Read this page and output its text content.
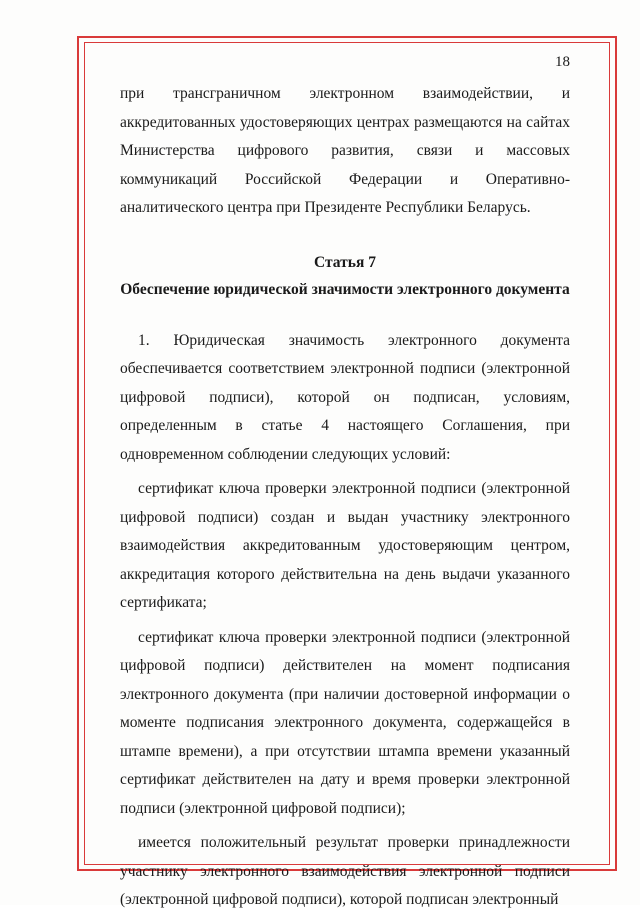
18

при трансграничном электронном взаимодействии, и аккредитованных удостоверяющих центрах размещаются на сайтах Министерства цифрового развития, связи и массовых коммуникаций Российской Федерации и Оперативно-аналитического центра при Президенте Республики Беларусь.

Статья 7

Обеспечение юридической значимости электронного документа

1. Юридическая значимость электронного документа обеспечивается соответствием электронной подписи (электронной цифровой подписи), которой он подписан, условиям, определенным в статье 4 настоящего Соглашения, при одновременном соблюдении следующих условий:

сертификат ключа проверки электронной подписи (электронной цифровой подписи) создан и выдан участнику электронного взаимодействия аккредитованным удостоверяющим центром, аккредитация которого действительна на день выдачи указанного сертификата;

сертификат ключа проверки электронной подписи (электронной цифровой подписи) действителен на момент подписания электронного документа (при наличии достоверной информации о моменте подписания электронного документа, содержащейся в штампе времени), а при отсутствии штампа времени указанный сертификат действителен на дату и время проверки электронной подписи (электронной цифровой подписи);

имеется положительный результат проверки принадлежности участнику электронного взаимодействия электронной подписи (электронной цифровой подписи), которой подписан электронный
